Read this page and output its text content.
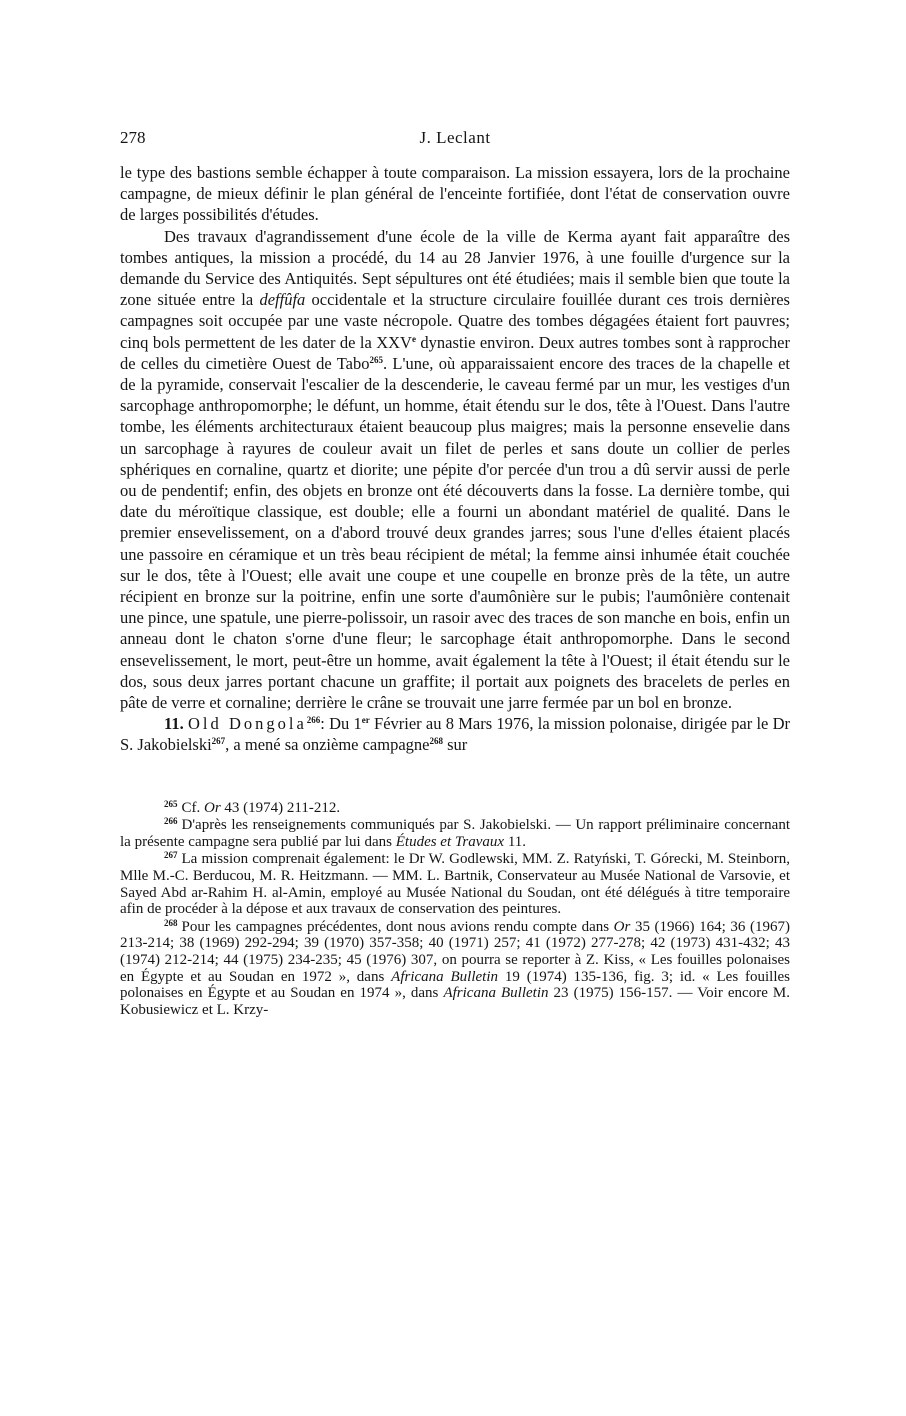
278	J. Leclant

le type des bastions semble échapper à toute comparaison. La mission essayera, lors de la prochaine campagne, de mieux définir le plan général de l'enceinte fortifiée, dont l'état de conservation ouvre de larges possibilités d'études.

Des travaux d'agrandissement d'une école de la ville de Kerma ayant fait apparaître des tombes antiques, la mission a procédé, du 14 au 28 Janvier 1976, à une fouille d'urgence sur la demande du Service des Antiquités. Sept sépultures ont été étudiées; mais il semble bien que toute la zone située entre la deffûfa occidentale et la structure circulaire fouillée durant ces trois dernières campagnes soit occupée par une vaste nécropole. Quatre des tombes dégagées étaient fort pauvres; cinq bols permettent de les dater de la XXVe dynastie environ. Deux autres tombes sont à rapprocher de celles du cimetière Ouest de Tabo$^{265}$. L'une, où apparaissaient encore des traces de la chapelle et de la pyramide, conservait l'escalier de la descenderie, le caveau fermé par un mur, les vestiges d'un sarcophage anthropomorphe; le défunt, un homme, était étendu sur le dos, tête à l'Ouest. Dans l'autre tombe, les éléments architecturaux étaient beaucoup plus maigres; mais la personne ensevelie dans un sarcophage à rayures de couleur avait un filet de perles et sans doute un collier de perles sphériques en cornaline, quartz et diorite; une pépite d'or percée d'un trou a dû servir aussi de perle ou de pendentif; enfin, des objets en bronze ont été découverts dans la fosse. La dernière tombe, qui date du méroïtique classique, est double; elle a fourni un abondant matériel de qualité. Dans le premier ensevelissement, on a d'abord trouvé deux grandes jarres; sous l'une d'elles étaient placés une passoire en céramique et un très beau récipient de métal; la femme ainsi inhumée était couchée sur le dos, tête à l'Ouest; elle avait une coupe et une coupelle en bronze près de la tête, un autre récipient en bronze sur la poitrine, enfin une sorte d'aumônière sur le pubis; l'aumônière contenait une pince, une spatule, une pierre-polissoir, un rasoir avec des traces de son manche en bois, enfin un anneau dont le chaton s'orne d'une fleur; le sarcophage était anthropomorphe. Dans le second ensevelissement, le mort, peut-être un homme, avait également la tête à l'Ouest; il était étendu sur le dos, sous deux jarres portant chacune un graffite; il portait aux poignets des bracelets de perles en pâte de verre et cornaline; derrière le crâne se trouvait une jarre fermée par un bol en bronze.

11. Old Dongola$^{266}$: Du 1er Février au 8 Mars 1976, la mission polonaise, dirigée par le Dr S. Jakobielski$^{267}$, a mené sa onzième campagne$^{268}$ sur

$^{265}$ Cf. Or 43 (1974) 211-212.

$^{266}$ D'après les renseignements communiqués par S. Jakobielski. — Un rapport préliminaire concernant la présente campagne sera publié par lui dans Études et Travaux 11.

$^{267}$ La mission comprenait également: le Dr W. Godlewski, MM. Z. Ratyński, T. Górecki, M. Steinborn, Mlle M.-C. Berducou, M. R. Heitzmann. — MM. L. Bartnik, Conservateur au Musée National de Varsovie, et Sayed Abd ar-Rahim H. al-Amin, employé au Musée National du Soudan, ont été délégués à titre temporaire afin de procéder à la dépose et aux travaux de conservation des peintures.

$^{268}$ Pour les campagnes précédentes, dont nous avions rendu compte dans Or 35 (1966) 164; 36 (1967) 213-214; 38 (1969) 292-294; 39 (1970) 357-358; 40 (1971) 257; 41 (1972) 277-278; 42 (1973) 431-432; 43 (1974) 212-214; 44 (1975) 234-235; 45 (1976) 307, on pourra se reporter à Z. Kiss, « Les fouilles polonaises en Égypte et au Soudan en 1972 », dans Africana Bulletin 19 (1974) 135-136, fig. 3; id. « Les fouilles polonaises en Égypte et au Soudan en 1974 », dans Africana Bulletin 23 (1975) 156-157. — Voir encore M. Kobusiewicz et L. Krzy-
